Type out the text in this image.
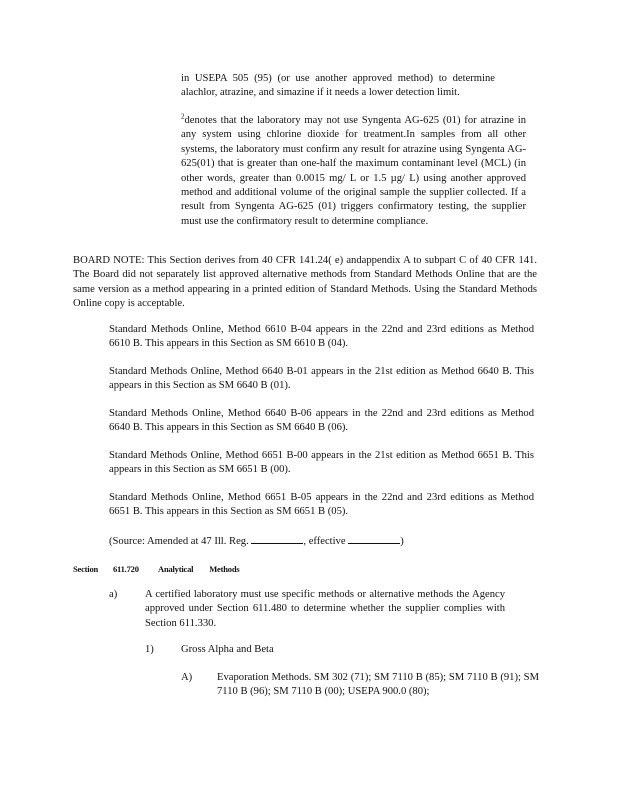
in USEPA 505 (95) (or use another approved method) to determine alachlor, atrazine, and simazine if it needs a lower detection limit.

$^2$denotes that the laboratory may not use Syngenta AG-625 (01) for atrazine in any system using chlorine dioxide for treatment.In samples from all other systems, the laboratory must confirm any result for atrazine using Syngenta AG-625(01) that is greater than one-half the maximum contaminant level (MCL) (in other words, greater than 0.0015 mg/ L or 1.5 µg/ L) using another approved method and additional volume of the original sample the supplier collected. If a result from Syngenta AG-625 (01) triggers confirmatory testing, the supplier must use the confirmatory result to determine compliance.

BOARD NOTE: This Section derives from 40 CFR 141.24( e) andappendix A to subpart C of 40 CFR 141. The Board did not separately list approved alternative methods from Standard Methods Online that are the same version as a method appearing in a printed edition of Standard Methods. Using the Standard Methods Online copy is acceptable.

Standard Methods Online, Method 6610 B-04 appears in the 22nd and 23rd editions as Method 6610 B. This appears in this Section as SM 6610 B (04).

Standard Methods Online, Method 6640 B-01 appears in the 21st edition as Method 6640 B. This appears in this Section as SM 6640 B (01).

Standard Methods Online, Method 6640 B-06 appears in the 22nd and 23rd editions as Method 6640 B. This appears in this Section as SM 6640 B (06).

Standard Methods Online, Method 6651 B-00 appears in the 21st edition as Method 6651 B. This appears in this Section as SM 6651 B (00).

Standard Methods Online, Method 6651 B-05 appears in the 22nd and 23rd editions as Method 6651 B. This appears in this Section as SM 6651 B (05).

(Source: Amended at 47 Ill. Reg.	, effective	)

Section 611.720 Analytical Methods
a)	A certified laboratory must use specific methods or alternative methods the Agency approved under Section 611.480 to determine whether the supplier complies with Section 611.330.

1)	Gross Alpha and Beta

A) Evaporation Methods. SM 302 (71); SM 7110 B (85); SM 7110 B (91); SM 7110 B (96); SM 7110 B (00); USEPA 900.0 (80);
